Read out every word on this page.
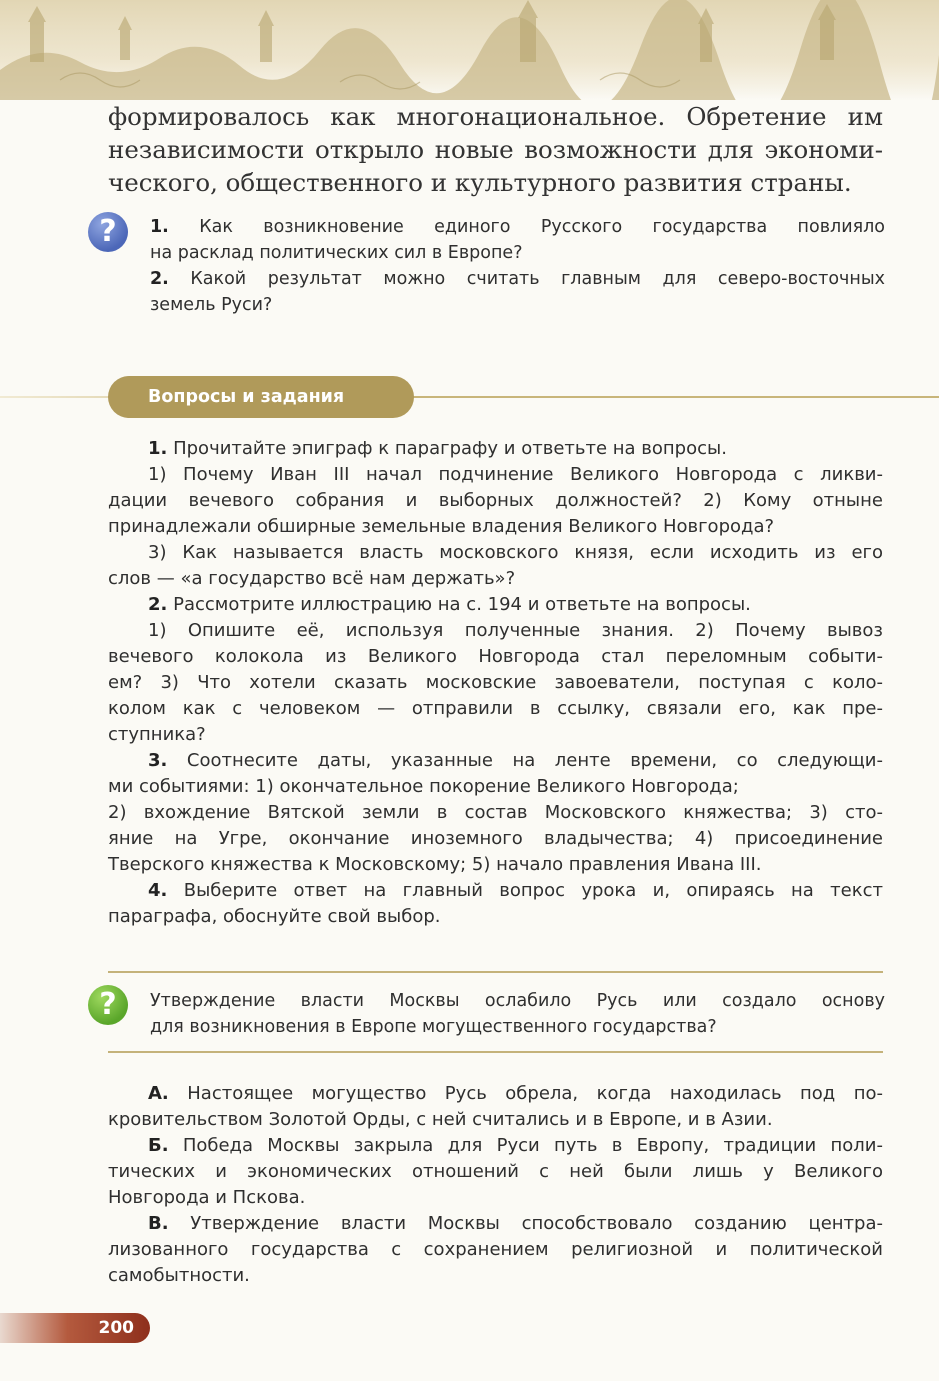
формировалось как многонациональное. Обретение им
независимости открыло новые возможности для экономи-
ческого, общественного и культурного развития страны.
?	1. Как возникновение единого Русского государства повлияло
на расклад политических сил в Европе?
2. Какой результат можно считать главным для северо-восточных
земель Руси?
Вопросы и задания
1. Прочитайте эпиграф к параграфу и ответьте на вопросы.
1) Почему Иван III начал подчинение Великого Новгорода с ликви-
дации вечевого собрания и выборных должностей? 2) Кому отныне
принадлежали обширные земельные владения Великого Новгорода?
3) Как называется власть московского князя, если исходить из его
слов — «а государство всё нам держать»?
2. Рассмотрите иллюстрацию на с. 194 и ответьте на вопросы.
1) Опишите её, используя полученные знания. 2) Почему вывоз
вечевого колокола из Великого Новгорода стал переломным событи-
ем? 3) Что хотели сказать московские завоеватели, поступая с коло-
колом как с человеком — отправили в ссылку, связали его, как пре-
ступника?
3. Соотнесите даты, указанные на ленте времени, со следующи-
ми событиями: 1) окончательное покорение Великого Новгорода;
2) вхождение Вятской земли в состав Московского княжества; 3) сто-
яние на Угре, окончание иноземного владычества; 4) присоединение
Тверского княжества к Московскому; 5) начало правления Ивана III.
4. Выберите ответ на главный вопрос урока и, опираясь на текст
параграфа, обоснуйте свой выбор.
?	Утверждение власти Москвы ослабило Русь или создало основу
для возникновения в Европе могущественного государства?
А. Настоящее могущество Русь обрела, когда находилась под по-
кровительством Золотой Орды, с ней считались и в Европе, и в Азии.
Б. Победа Москвы закрыла для Руси путь в Европу, традиции поли-
тических и экономических отношений с ней были лишь у Великого
Новгорода и Пскова.
В. Утверждение власти Москвы способствовало созданию центра-
лизованного государства с сохранением религиозной и политической
самобытности.
200
